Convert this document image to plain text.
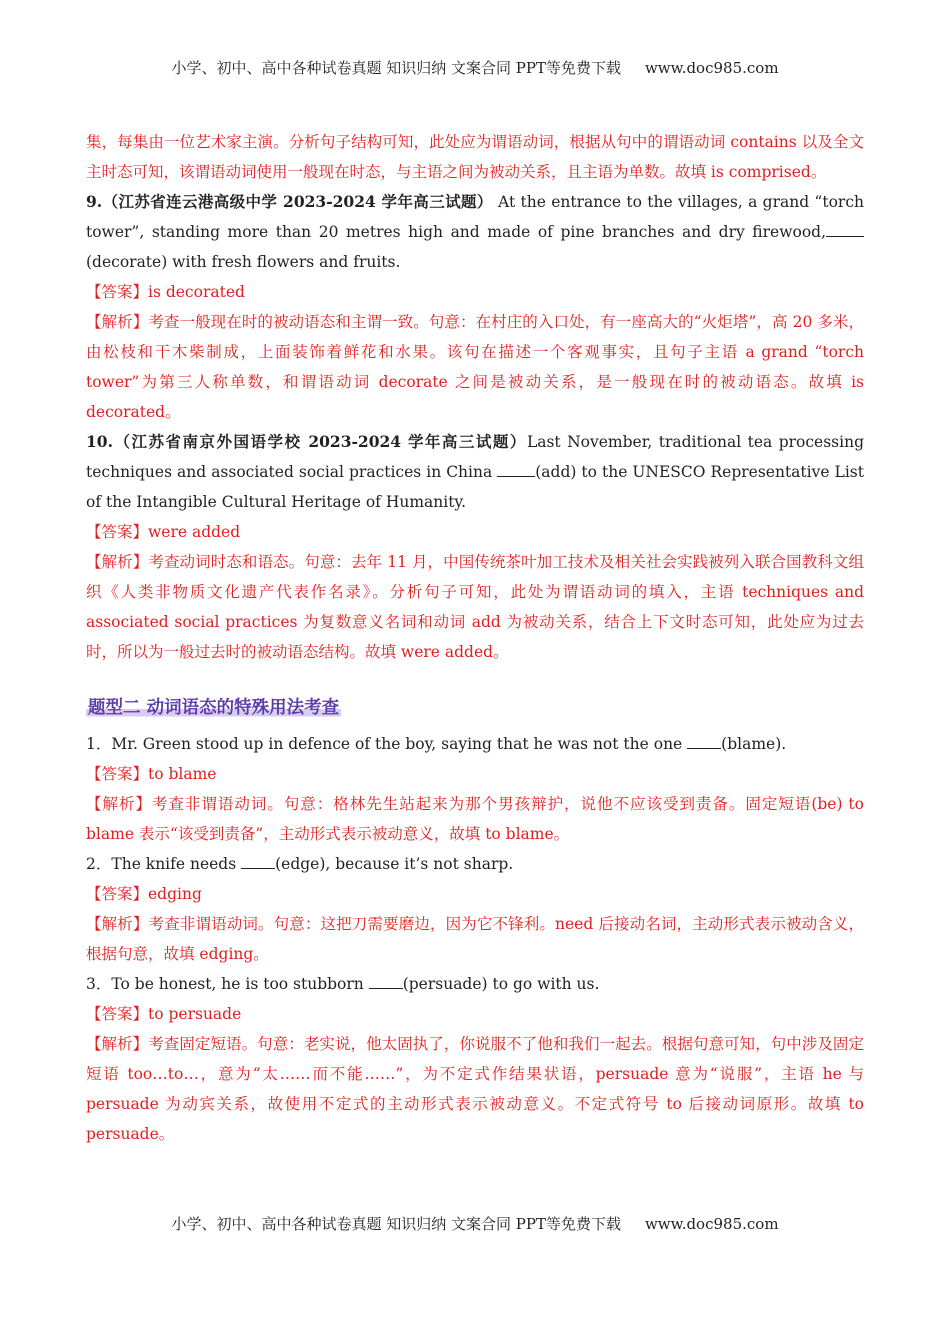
小学、初中、高中各种试卷真题 知识归纳 文案合同 PPT等免费下载 www.doc985.com

集，每集由一位艺术家主演。分析句子结构可知，此处应为谓语动词，根据从句中的谓语动词 contains 以及全文主时态可知，该谓语动词使用一般现在时态，与主语之间为被动关系，且主语为单数。故填 is comprised。

9.（江苏省连云港高级中学 2023-2024 学年高三试题） At the entrance to the villages, a grand “torch tower”, standing more than 20 metres high and made of pine branches and dry firewood,(decorate) with fresh flowers and fruits.

【答案】is decorated

【解析】考查一般现在时的被动语态和主谓一致。句意：在村庄的入口处，有一座高大的“火炬塔”，高 20 多米，由松枝和干木柴制成，上面装饰着鲜花和水果。该句在描述一个客观事实，且句子主语 a grand “torch tower”为第三人称单数，和谓语动词 decorate 之间是被动关系，是一般现在时的被动语态。故填 is decorated。

10.（江苏省南京外国语学校 2023-2024 学年高三试题）Last November, traditional tea processing techniques and associated social practices in China (add) to the UNESCO Representative List of the Intangible Cultural Heritage of Humanity.

【答案】were added

【解析】考查动词时态和语态。句意：去年 11 月，中国传统茶叶加工技术及相关社会实践被列入联合国教科文组织《人类非物质文化遗产代表作名录》。分析句子可知，此处为谓语动词的填入，主语 techniques and associated social practices 为复数意义名词和动词 add 为被动关系，结合上下文时态可知，此处应为过去时，所以为一般过去时的被动语态结构。故填 were added。

题型二 动词语态的特殊用法考查

1．Mr. Green stood up in defence of the boy, saying that he was not the one (blame).

【答案】to blame

【解析】考查非谓语动词。句意：格林先生站起来为那个男孩辩护，说他不应该受到责备。固定短语(be) to blame 表示“该受到责备”，主动形式表示被动意义，故填 to blame。

2．The knife needs (edge), because it’s not sharp.

【答案】edging

【解析】考查非谓语动词。句意：这把刀需要磨边，因为它不锋利。need 后接动名词，主动形式表示被动含义，根据句意，故填 edging。

3．To be honest, he is too stubborn (persuade) to go with us.

【答案】to persuade

【解析】考查固定短语。句意：老实说，他太固执了，你说服不了他和我们一起去。根据句意可知，句中涉及固定短语 too…to…，意为“太……而不能……”，为不定式作结果状语，persuade 意为“说服”，主语 he 与 persuade 为动宾关系，故使用不定式的主动形式表示被动意义。不定式符号 to 后接动词原形。故填 to persuade。

小学、初中、高中各种试卷真题 知识归纳 文案合同 PPT等免费下载 www.doc985.com
